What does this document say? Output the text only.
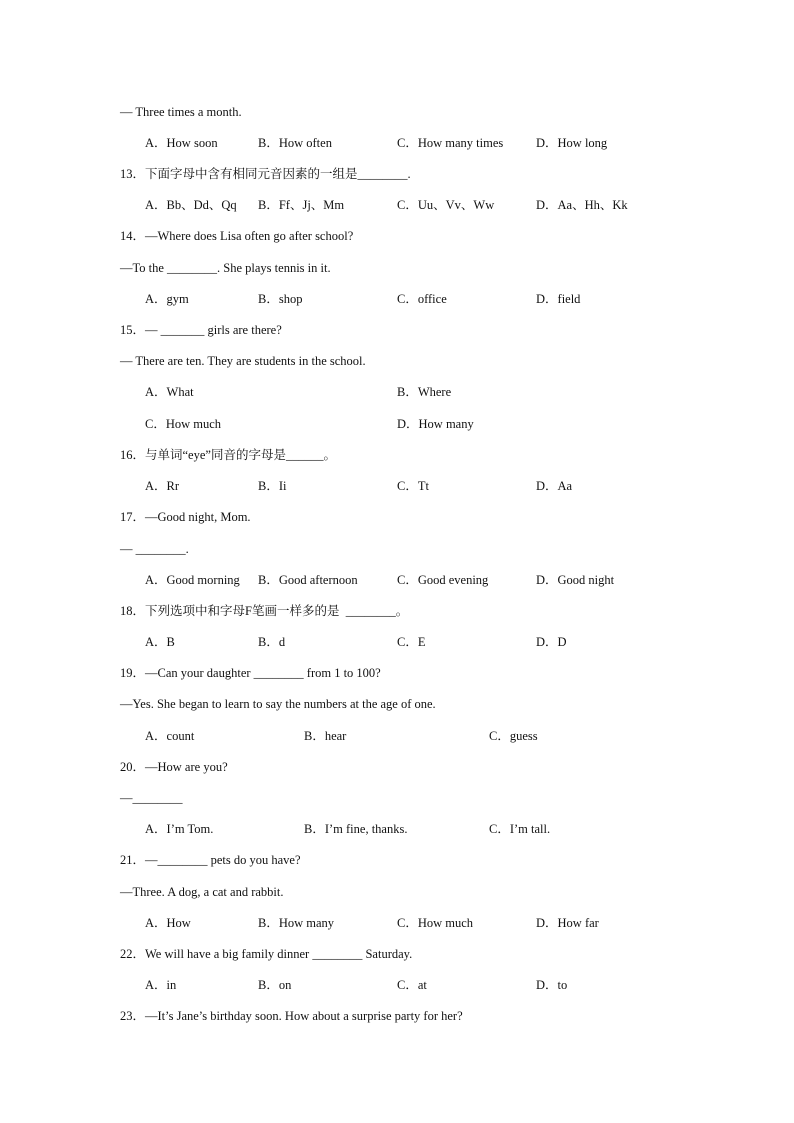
— Three times a month.
A．How soon	B．How often	C．How many times	D．How long
13．下面字母中含有相同元音因素的一组是________.
A．Bb、Dd、Qq B．Ff、Jj、Mm	C．Uu、Vv、Ww	D．Aa、Hh、Kk
14．—Where does Lisa often go after school?
—To the ________. She plays tennis in it.
A．gym	B．shop	C．office	D．field
15．— _______ girls are there?
— There are ten. They are students in the school.
A．What	B．Where
C．How much	D．How many
16．与单词“eye”同音的字母是______。
A．Rr	B．Ii	C．Tt	D．Aa
17．—Good night, Mom.
— ________.
A．Good morning B．Good afternoon	C．Good evening	D．Good night
18．下列选项中和字母F笔画一样多的是  ________。
A．B	B．d	C．E	D．D
19．—Can your daughter ________ from 1 to 100?
—Yes. She began to learn to say the numbers at the age of one.
A．count	B．hear	C．guess
20．—How are you?
—________
A．I’m Tom.	B．I’m fine, thanks.	C．I’m tall.
21．—________ pets do you have?
—Three. A dog, a cat and rabbit.
A．How	B．How many	C．How much	D．How far
22．We will have a big family dinner ________ Saturday.
A．in	B．on	C．at	D．to
23．—It’s Jane’s birthday soon. How about a surprise party for her?
